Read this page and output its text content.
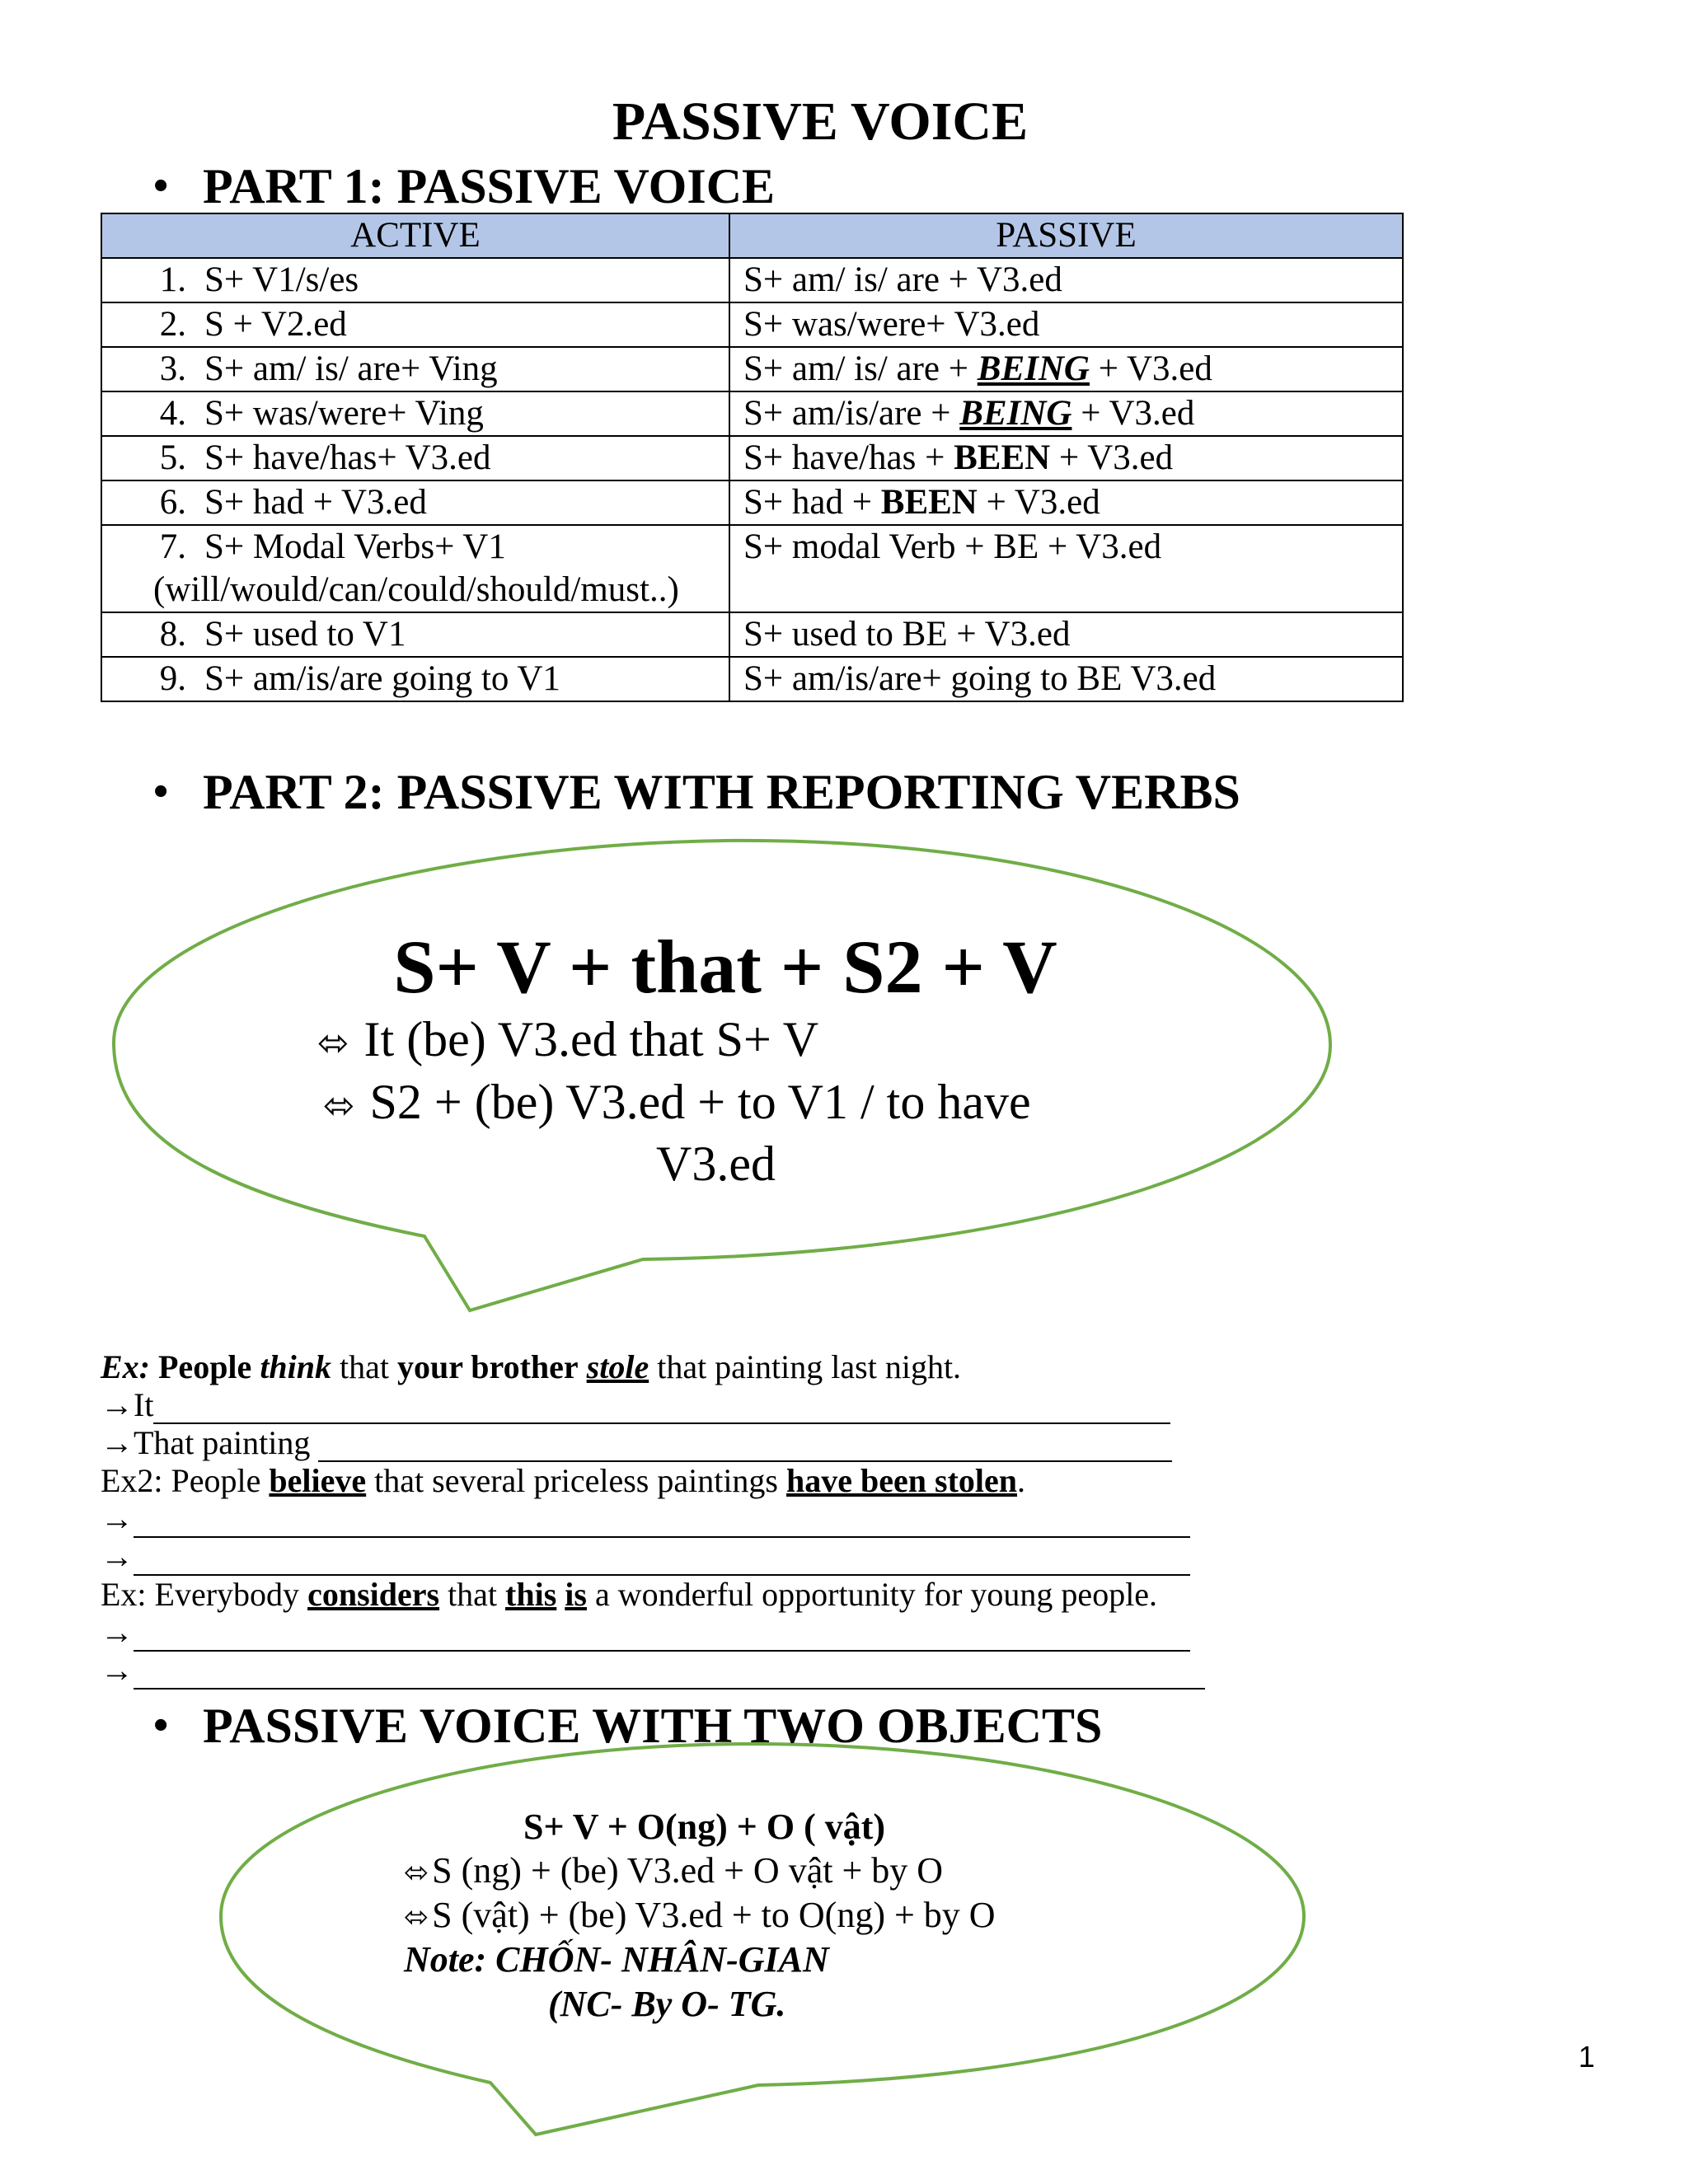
PASSIVE VOICE
• PART 1: PASSIVE VOICE
ACTIVE	PASSIVE
1. S+ V1/s/es	S+ am/ is/ are + V3.ed
2. S + V2.ed	S+ was/were+ V3.ed
3. S+ am/ is/ are+ Ving	S+ am/ is/ are + BEING + V3.ed
4. S+ was/were+ Ving	S+ am/is/are + BEING + V3.ed
5. S+ have/has+ V3.ed	S+ have/has + BEEN + V3.ed
6. S+ had + V3.ed	S+ had + BEEN + V3.ed
7. S+ Modal Verbs+ V1
(will/would/can/could/should/must..)	S+ modal Verb + BE + V3.ed
8. S+ used to V1	S+ used to BE + V3.ed
9. S+ am/is/are going to V1	S+ am/is/are+ going to BE V3.ed
• PART 2: PASSIVE WITH REPORTING VERBS
S+ V + that + S2 + V
⬄ It (be) V3.ed that S+ V
⬄ S2 + (be) V3.ed + to V1 / to have
V3.ed
Ex: People think that your brother stole that painting last night.
→It
→That painting
Ex2: People believe that several priceless paintings have been stolen.
→
→
Ex: Everybody considers that this is a wonderful opportunity for young people.
→
→
• PASSIVE VOICE WITH TWO OBJECTS
S+ V + O(ng) + O ( vật)
⬄S (ng) + (be) V3.ed + O vật + by O
⬄S (vật) + (be) V3.ed + to O(ng) + by O
Note: CHỐN- NHÂN-GIAN
(NC- By O- TG.
1
